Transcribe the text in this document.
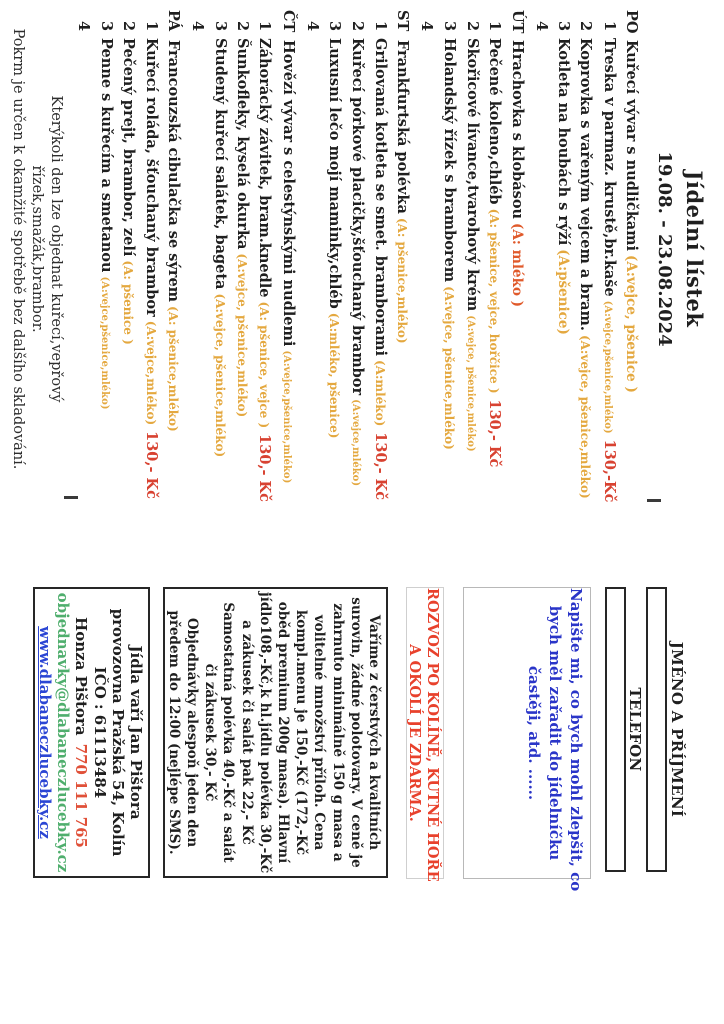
Jídelní lístek
19.08. - 23.08.2024
POKuřecí vývar s nudličkami(A:vejce, pšenice )
1Treska v parmaz. krustě,br.kaše(A:vejce,pšenice,mléko)130,-Kč
2Koprovka s vařeným vejcem a bram.(A:vejce, pšenice,mléko)
3Kotleta na houbách s rýží(A:pšenice)
4
ÚTHrachovka s klobásou(A: mléko )
1Pečené koleno,chléb(A: pšenice, vejce, hořčice )130,- Kč
2Skořicové lívance,tvarohový krém(A:vejce, pšenice,mléko)
3Holandský řízek s bramborem(A:vejce, pšenice,mléko)
4
STFrankfurtská polévka(A: pšenice,mléko)
1Grilovaná kotleta se smet. bramborami(A:mléko)130,- Kč
2Kuřecí pórkové placičky,šťouchaný brambor(A:vejce,mléko)
3Luxusní lečo mojí maminky,chléb(A:mléko, pšenice)
4
ČTHovězí vývar s celestýnskými nudlemi(A:vejce,pšenice,mléko)
1Záhorácký závitek, bram.knedle(A: pšenice, vejce )130,- Kč
2Šunkofleky, kyselá okurka(A:vejce, pšenice,mléko)
3Studený kuřecí salátek, bageta(A:vejce, pšenice,mléko)
4
PÁFrancouzská cibulačka se sýrem(A: pšenice,mléko)
1Kuřecí roláda, šťouchaný brambor(A:vejce,mléko)130,- Kč
2Pečený prejt, brambor, zelí(A: pšenice )
3Penne s kuřecím a smetanou(A:vejce,pšenice,mléko)
4
Kterýkoli den lze objednat kuřecí,vepřový řízek,smažák,brambor.
Pokrm je určen k okamžité spotřebě bez dalšího skladování.
JMÉNO A PŘÍJMENÍ
TELEFON
Napište mi, co bych mohl zlepšit, co
bych měl zařadit do jídelníčku
častěji, atd. ......
ROZVOZ PO KOLÍNĚ, KUTNÉ HOŘE
A OKOLÍ JE ZDARMA.
Vaříme z čerstvých a kvalitních
surovin, žádné polotovary. V ceně je
zahrnuto minimálně 150 g masa a
volitelné množství příloh. Cena
kompl.menu je 150,-Kč (172,-Kč
oběd premium 200g masa). Hlavní
jídlo108,-Kč,k hl.jídlu polévka 30,-Kč
a zákusek či salát pak 22,- Kč
Samostatná polévka 40,-Kč a salát
či zákusek 30,- Kč
Objednávky alespoň jeden den
předem do 12:00 (nejlépe SMS).
Jídla vaří Jan Pištora
provozovna Pražská 54, Kolín
IČO : 61113484
Honza Pištora770 111 765
objednavky@dlabaneczlucebky.cz
www.dlabaneczlucebky.cz
